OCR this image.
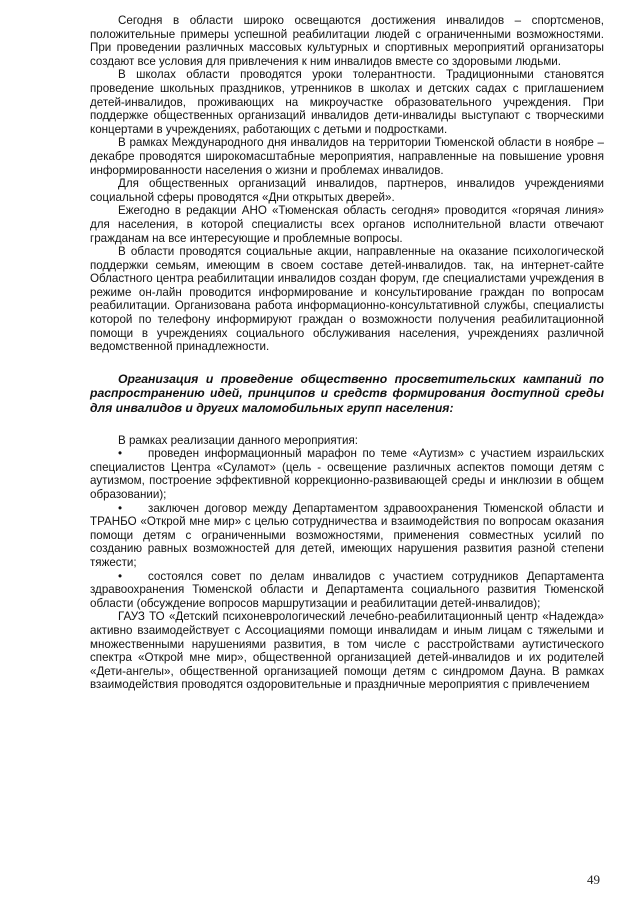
Сегодня в области широко освещаются достижения инвалидов – спортсменов, положительные примеры успешной реабилитации людей с ограниченными возможностями. При проведении различных массовых культурных и спортивных мероприятий организаторы создают все условия для привлечения к ним инвалидов вместе со здоровыми людьми.

В школах области проводятся уроки толерантности. Традиционными становятся проведение школьных праздников, утренников в школах и детских садах с приглашением детей-инвалидов, проживающих на микроучастке образовательного учреждения. При поддержке общественных организаций инвалидов дети-инвалиды выступают с творческими концертами в учреждениях, работающих с детьми и подростками.

В рамках Международного дня инвалидов на территории Тюменской области в ноябре – декабре проводятся широкомасштабные мероприятия, направленные на повышение уровня информированности населения о жизни и проблемах инвалидов.

Для общественных организаций инвалидов, партнеров, инвалидов учреждениями социальной сферы проводятся «Дни открытых дверей».

Ежегодно в редакции АНО «Тюменская область сегодня» проводится «горячая линия» для населения, в которой специалисты всех органов исполнительной власти отвечают гражданам на все интересующие и проблемные вопросы.

В области проводятся социальные акции, направленные на оказание психологической поддержки семьям, имеющим в своем составе детей-инвалидов. так, на интернет-сайте Областного центра реабилитации инвалидов создан форум, где специалистами учреждения в режиме он-лайн проводится информирование и консультирование граждан по вопросам реабилитации. Организована работа информационно-консультативной службы, специалисты которой по телефону информируют граждан о возможности получения реабилитационной помощи в учреждениях социального обслуживания населения, учреждениях различной ведомственной принадлежности.

Организация и проведение общественно просветительских кампаний по распространению идей, принципов и средств формирования доступной среды для инвалидов и других маломобильных групп населения:

В рамках реализации данного мероприятия:

• проведен информационный марафон по теме «Аутизм» с участием израильских специалистов Центра «Суламот» (цель - освещение различных аспектов помощи детям с аутизмом, построение эффективной коррекционно-развивающей среды и инклюзии в общем образовании);

• заключен договор между Департаментом здравоохранения Тюменской области и ТРАНБО «Открой мне мир» с целью сотрудничества и взаимодействия по вопросам оказания помощи детям с ограниченными возможностями, применения совместных усилий по созданию равных возможностей для детей, имеющих нарушения развития разной степени тяжести;

• состоялся совет по делам инвалидов с участием сотрудников Департамента здравоохранения Тюменской области и Департамента социального развития Тюменской области (обсуждение вопросов маршрутизации и реабилитации детей-инвалидов);

ГАУЗ ТО «Детский психоневрологический лечебно-реабилитационный центр «Надежда» активно взаимодействует с Ассоциациями помощи инвалидам и иным лицам с тяжелыми и множественными нарушениями развития, в том числе с расстройствами аутистического спектра «Открой мне мир», общественной организацией детей-инвалидов и их родителей «Дети-ангелы», общественной организацией помощи детям с синдромом Дауна. В рамках взаимодействия проводятся оздоровительные и праздничные мероприятия с привлечением

49
